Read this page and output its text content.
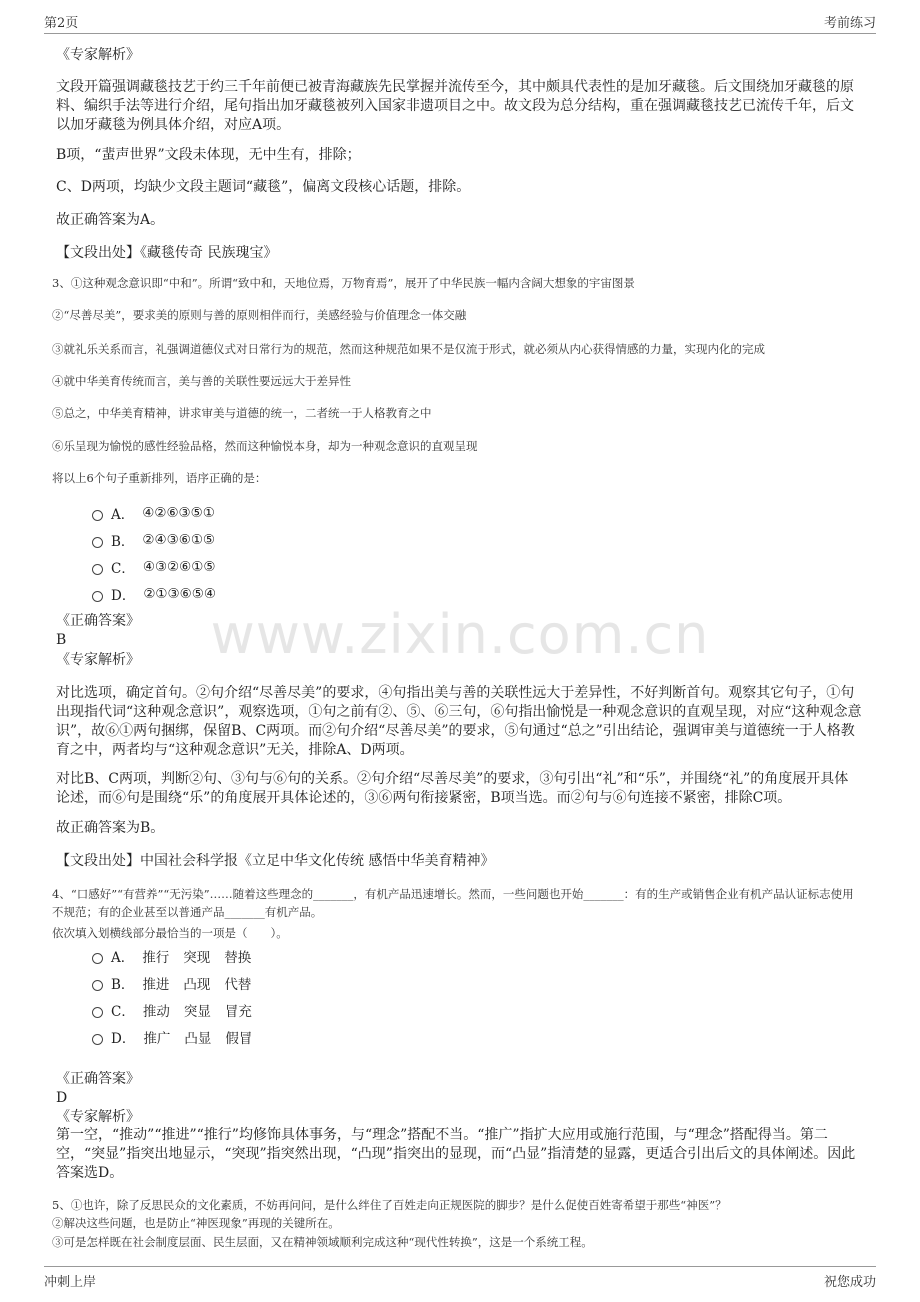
第2页	考前练习
www.zixin.com.cn
《专家解析》
文段开篇强调藏毯技艺于约三千年前便已被青海藏族先民掌握并流传至今，其中颇具代表性的是加牙藏毯。后文围绕加牙藏毯的原料、编织手法等进行介绍，尾句指出加牙藏毯被列入国家非遗项目之中。故文段为总分结构，重在强调藏毯技艺已流传千年，后文以加牙藏毯为例具体介绍，对应A项。
B项，“蜚声世界”文段未体现，无中生有，排除；
C、D两项，均缺少文段主题词“藏毯”，偏离文段核心话题，排除。
故正确答案为A。
【文段出处】《藏毯传奇 民族瑰宝》
3、①这种观念意识即“中和”。所谓“致中和，天地位焉，万物育焉”，展开了中华民族一幅内含阔大想象的宇宙图景
②“尽善尽美”，要求美的原则与善的原则相伴而行，美感经验与价值理念一体交融
③就礼乐关系而言，礼强调道德仪式对日常行为的规范，然而这种规范如果不是仅流于形式，就必须从内心获得情感的力量，实现内化的完成
④就中华美育传统而言，美与善的关联性要远远大于差异性
⑤总之，中华美育精神，讲求审美与道德的统一，二者统一于人格教育之中
⑥乐呈现为愉悦的感性经验品格，然而这种愉悦本身，却为一种观念意识的直观呈现
将以上6个句子重新排列，语序正确的是：
A． ④②⑥③⑤①
B． ②④③⑥①⑤
C． ④③②⑥①⑤
D． ②①③⑥⑤④
《正确答案》
B
《专家解析》
对比选项，确定首句。②句介绍“尽善尽美”的要求，④句指出美与善的关联性远大于差异性，不好判断首句。观察其它句子，①句出现指代词“这种观念意识”，观察选项，①句之前有②、⑤、⑥三句，⑥句指出愉悦是一种观念意识的直观呈现，对应“这种观念意识”，故⑥①两句捆绑，保留B、C两项。而②句介绍“尽善尽美”的要求，⑤句通过“总之”引出结论，强调审美与道德统一于人格教育之中，两者均与“这种观念意识”无关，排除A、D两项。
对比B、C两项，判断②句、③句与⑥句的关系。②句介绍“尽善尽美”的要求，③句引出“礼”和“乐”，并围绕“礼”的角度展开具体论述，而⑥句是围绕“乐”的角度展开具体论述的，③⑥两句衔接紧密，B项当选。而②句与⑥句连接不紧密，排除C项。
故正确答案为B。
【文段出处】中国社会科学报《立足中华文化传统 感悟中华美育精神》
4、“口感好”“有营养”“无污染”……随着这些理念的_______，有机产品迅速增长。然而，一些问题也开始_______：有的生产或销售企业有机产品认证标志使用不规范；有的企业甚至以普通产品_______有机产品。
依次填入划横线部分最恰当的一项是（　　）。
A． 推行 突现 替换
B． 推进 凸现 代替
C． 推动 突显 冒充
D． 推广 凸显 假冒
《正确答案》
D
《专家解析》
第一空，“推动”“推进”“推行”均修饰具体事务，与“理念”搭配不当。“推广”指扩大应用或施行范围，与“理念”搭配得当。第二空，“突显”指突出地显示，“突现”指突然出现，“凸现”指突出的显现，而“凸显”指清楚的显露，更适合引出后文的具体阐述。因此答案选D。
5、①也许，除了反思民众的文化素质，不妨再问问，是什么绊住了百姓走向正规医院的脚步？是什么促使百姓寄希望于那些“神医”？
②解决这些问题，也是防止“神医现象”再现的关键所在。
③可是怎样既在社会制度层面、民生层面，又在精神领域顺利完成这种“现代性转换”，这是一个系统工程。
冲刺上岸	祝您成功
